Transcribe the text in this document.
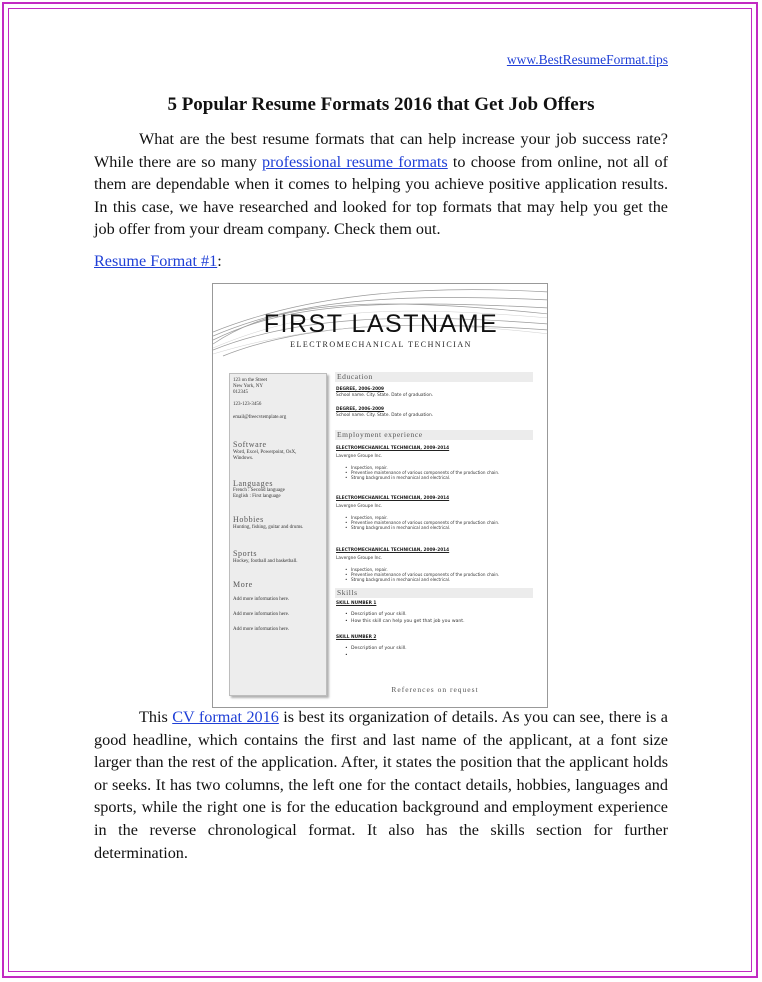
www.BestResumeFormat.tips
5 Popular Resume Formats 2016 that Get Job Offers
What are the best resume formats that can help increase your job success rate? While there are so many professional resume formats to choose from online, not all of them are dependable when it comes to helping you achieve positive application results. In this case, we have researched and looked for top formats that may help you get the job offer from your dream company. Check them out.
Resume Format #1:
FIRST LASTNAME
ELECTROMECHANICAL TECHNICIAN
123 on the Street
New York, NY
012345
123-123-3456
email@freecvtemplate.org
Software
Word, Excel, Powerpoint, OsX,
Windows.
Languages
French : Second language
English : First language
Hobbies
Hunting, fishing, guitar and drums.
Sports
Hockey, football and basketball.
More
Add more information here.
Add more information here.
Add more information here.
Education
DEGREE, 2006-2009
School name. City. State. Date of graduation.
DEGREE, 2006-2009
School name. City. State. Date of graduation.
Employment experience
ELECTROMECHANICAL TECHNICIAN, 2009-2014
Lavergne Groupe Inc.
• Inspection, repair.
• Preventive maintenance of various components of the production chain.
• Strong background in mechanical and electrical.
ELECTROMECHANICAL TECHNICIAN, 2009-2014
Lavergne Groupe Inc.
• Inspection, repair.
• Preventive maintenance of various components of the production chain.
• Strong background in mechanical and electrical.
ELECTROMECHANICAL TECHNICIAN, 2009-2014
Lavergne Groupe Inc.
• Inspection, repair.
• Preventive maintenance of various components of the production chain.
• Strong background in mechanical and electrical.
Skills
SKILL NUMBER 1
• Description of your skill.
• How this skill can help you get that job you want.
SKILL NUMBER 2
• Description of your skill.
•
References on request
This CV format 2016 is best its organization of details. As you can see, there is a good headline, which contains the first and last name of the applicant, at a font size larger than the rest of the application. After, it states the position that the applicant holds or seeks. It has two columns, the left one for the contact details, hobbies, languages and sports, while the right one is for the education background and employment experience in the reverse chronological format. It also has the skills section for further determination.
